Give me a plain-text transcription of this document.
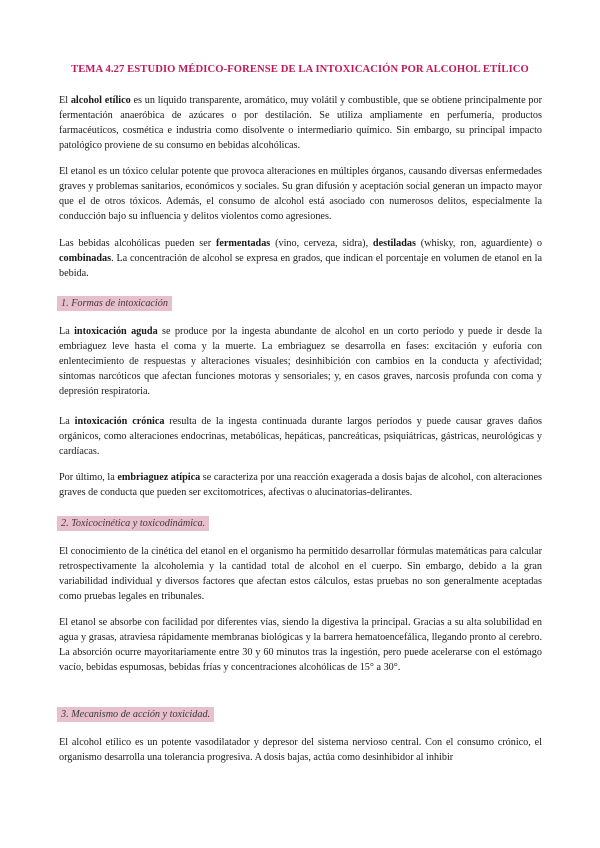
TEMA 4.27 ESTUDIO MÉDICO-FORENSE DE LA INTOXICACIÓN POR ALCOHOL ETÍLICO

El alcohol etílico es un líquido transparente, aromático, muy volátil y combustible, que se obtiene principalmente por fermentación anaeróbica de azúcares o por destilación. Se utiliza ampliamente en perfumería, productos farmacéuticos, cosmética e industria como disolvente o intermediario químico. Sin embargo, su principal impacto patológico proviene de su consumo en bebidas alcohólicas.

El etanol es un tóxico celular potente que provoca alteraciones en múltiples órganos, causando diversas enfermedades graves y problemas sanitarios, económicos y sociales. Su gran difusión y aceptación social generan un impacto mayor que el de otros tóxicos. Además, el consumo de alcohol está asociado con numerosos delitos, especialmente la conducción bajo su influencia y delitos violentos como agresiones.

Las bebidas alcohólicas pueden ser fermentadas (vino, cerveza, sidra), destiladas (whisky, ron, aguardiente) o combinadas. La concentración de alcohol se expresa en grados, que indican el porcentaje en volumen de etanol en la bebida.

1. Formas de intoxicación

La intoxicación aguda se produce por la ingesta abundante de alcohol en un corto período y puede ir desde la embriaguez leve hasta el coma y la muerte. La embriaguez se desarrolla en fases: excitación y euforia con enlentecimiento de respuestas y alteraciones visuales; desinhibición con cambios en la conducta y afectividad; síntomas narcóticos que afectan funciones motoras y sensoriales; y, en casos graves, narcosis profunda con coma y depresión respiratoria.

La intoxicación crónica resulta de la ingesta continuada durante largos períodos y puede causar graves daños orgánicos, como alteraciones endocrinas, metabólicas, hepáticas, pancreáticas, psiquiátricas, gástricas, neurológicas y cardíacas.

Por último, la embriaguez atípica se caracteriza por una reacción exagerada a dosis bajas de alcohol, con alteraciones graves de conducta que pueden ser excitomotrices, afectivas o alucinatorias-delirantes.

2. Toxicocinética y toxicodinámica.

El conocimiento de la cinética del etanol en el organismo ha permitido desarrollar fórmulas matemáticas para calcular retrospectivamente la alcoholemia y la cantidad total de alcohol en el cuerpo. Sin embargo, debido a la gran variabilidad individual y diversos factores que afectan estos cálculos, estas pruebas no son generalmente aceptadas como pruebas legales en tribunales.

El etanol se absorbe con facilidad por diferentes vías, siendo la digestiva la principal. Gracias a su alta solubilidad en agua y grasas, atraviesa rápidamente membranas biológicas y la barrera hematoencefálica, llegando pronto al cerebro. La absorción ocurre mayoritariamente entre 30 y 60 minutos tras la ingestión, pero puede acelerarse con el estómago vacío, bebidas espumosas, bebidas frías y concentraciones alcohólicas de 15° a 30°.

3. Mecanismo de acción y toxicidad.

El alcohol etílico es un potente vasodilatador y depresor del sistema nervioso central. Con el consumo crónico, el organismo desarrolla una tolerancia progresiva. A dosis bajas, actúa como desinhibidor al inhibir
